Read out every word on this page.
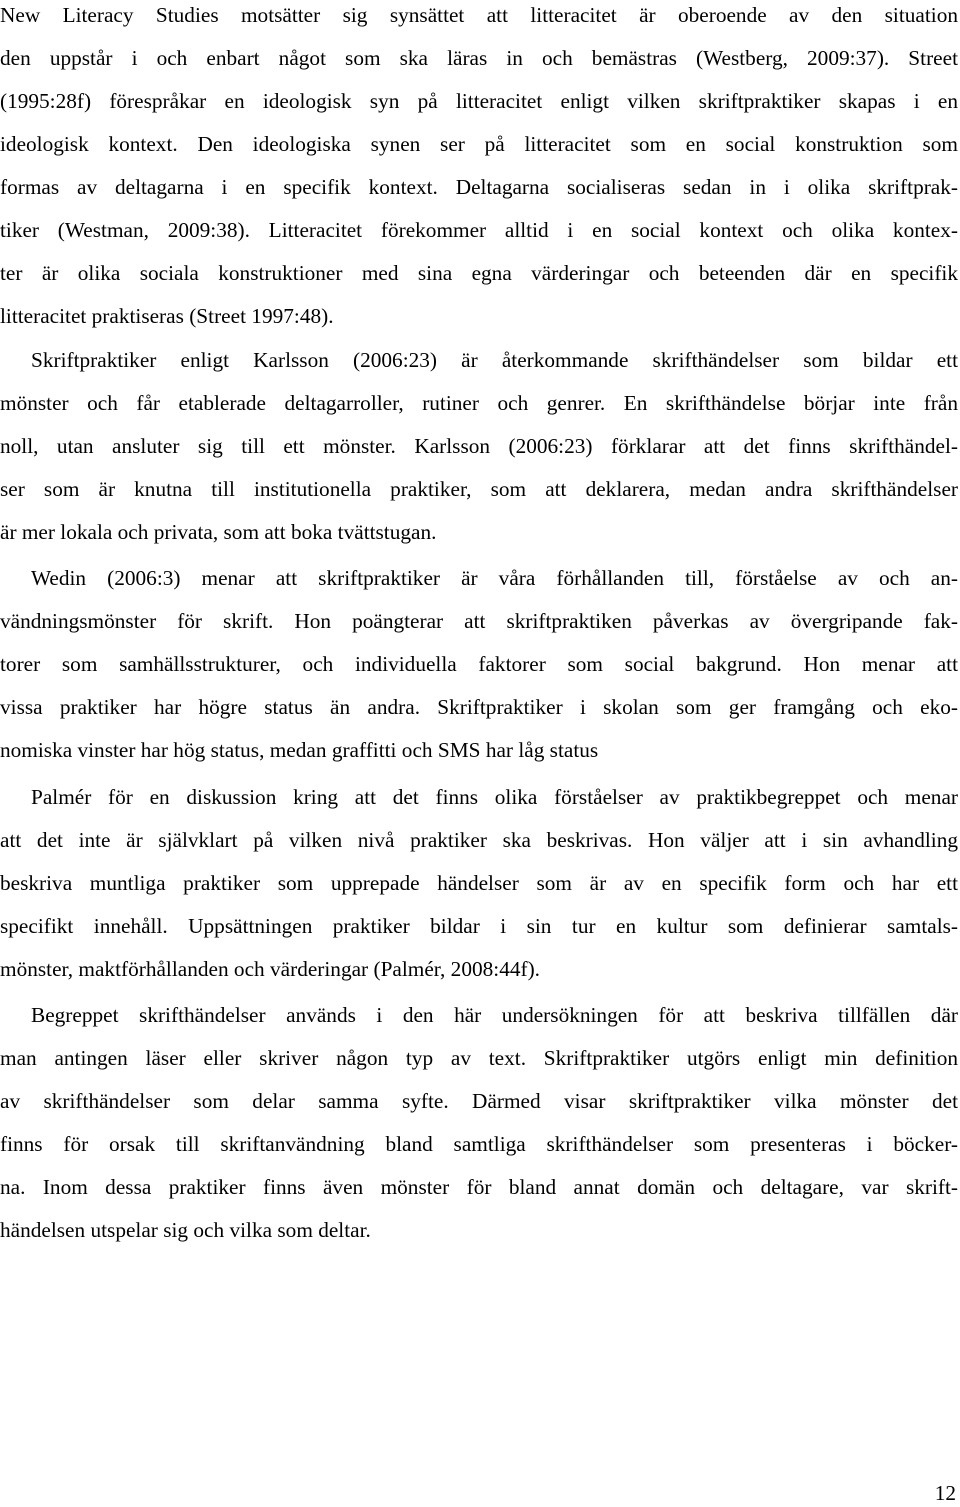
New Literacy Studies motsätter sig synsättet att litteracitet är oberoende av den situation
den uppstår i och enbart något som ska läras in och bemästras (Westberg, 2009:37). Street
(1995:28f) förespråkar en ideologisk syn på litteracitet enligt vilken skriftpraktiker skapas i en
ideologisk kontext. Den ideologiska synen ser på litteracitet som en social konstruktion som
formas av deltagarna i en specifik kontext. Deltagarna socialiseras sedan in i olika skriftprak-
tiker (Westman, 2009:38). Litteracitet förekommer alltid i en social kontext och olika kontex-
ter är olika sociala konstruktioner med sina egna värderingar och beteenden där en specifik
litteracitet praktiseras (Street 1997:48).
Skriftpraktiker enligt Karlsson (2006:23) är återkommande skrifthändelser som bildar ett
mönster och får etablerade deltagarroller, rutiner och genrer. En skrifthändelse börjar inte från
noll, utan ansluter sig till ett mönster. Karlsson (2006:23) förklarar att det finns skrifthändel-
ser som är knutna till institutionella praktiker, som att deklarera, medan andra skrifthändelser
är mer lokala och privata, som att boka tvättstugan.
Wedin (2006:3) menar att skriftpraktiker är våra förhållanden till, förståelse av och an-
vändningsmönster för skrift. Hon poängterar att skriftpraktiken påverkas av övergripande fak-
torer som samhällsstrukturer, och individuella faktorer som social bakgrund. Hon menar att
vissa praktiker har högre status än andra. Skriftpraktiker i skolan som ger framgång och eko-
nomiska vinster har hög status, medan graffitti och SMS har låg status
Palmér för en diskussion kring att det finns olika förståelser av praktikbegreppet och menar
att det inte är självklart på vilken nivå praktiker ska beskrivas. Hon väljer att i sin avhandling
beskriva muntliga praktiker som upprepade händelser som är av en specifik form och har ett
specifikt innehåll. Uppsättningen praktiker bildar i sin tur en kultur som definierar samtals-
mönster, maktförhållanden och värderingar (Palmér, 2008:44f).
Begreppet skrifthändelser används i den här undersökningen för att beskriva tillfällen där
man antingen läser eller skriver någon typ av text. Skriftpraktiker utgörs enligt min definition
av skrifthändelser som delar samma syfte. Därmed visar skriftpraktiker vilka mönster det
finns för orsak till skriftanvändning bland samtliga skrifthändelser som presenteras i böcker-
na. Inom dessa praktiker finns även mönster för bland annat domän och deltagare, var skrift-
händelsen utspelar sig och vilka som deltar.
12
